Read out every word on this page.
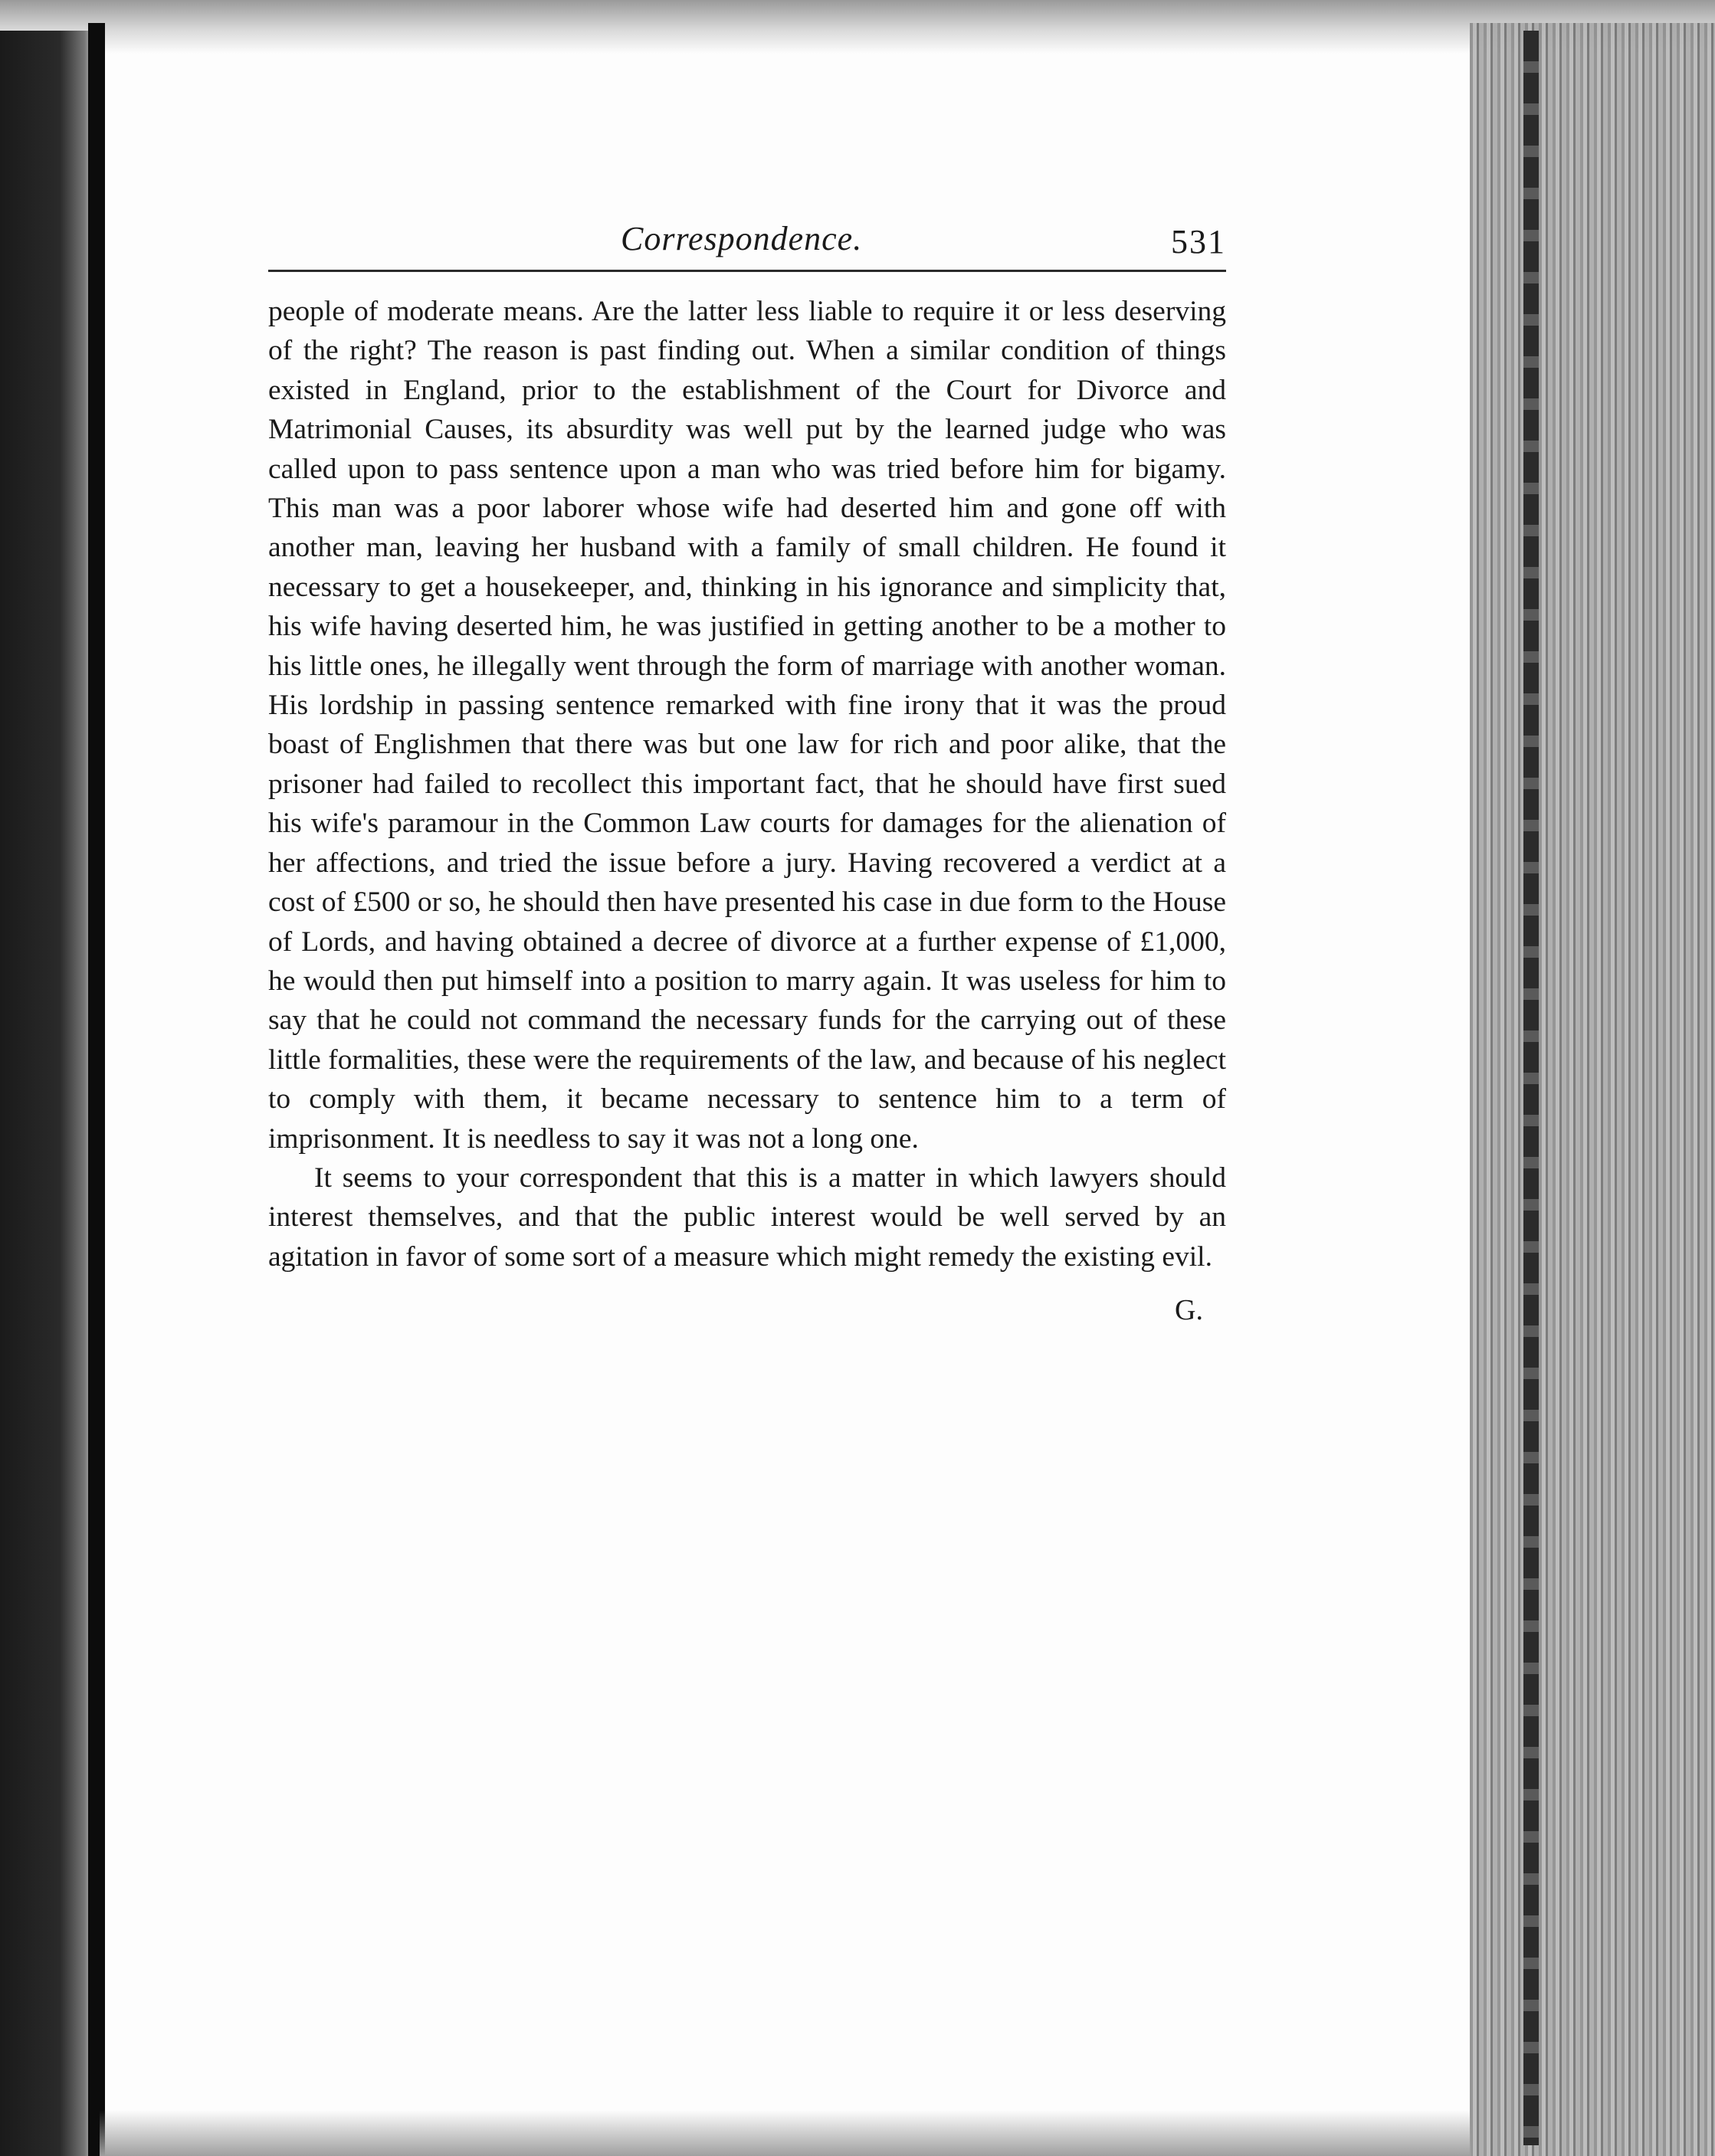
Correspondence.	531

people of moderate means. Are the latter less liable to require it or less deserving of the right? The reason is past finding out. When a similar condition of things existed in England, prior to the establishment of the Court for Divorce and Matrimonial Causes, its absurdity was well put by the learned judge who was called upon to pass sentence upon a man who was tried before him for bigamy. This man was a poor laborer whose wife had deserted him and gone off with another man, leaving her husband with a family of small children. He found it necessary to get a housekeeper, and, thinking in his ignorance and simplicity that, his wife having deserted him, he was justified in getting another to be a mother to his little ones, he illegally went through the form of marriage with another woman. His lordship in passing sentence remarked with fine irony that it was the proud boast of Englishmen that there was but one law for rich and poor alike, that the prisoner had failed to recollect this important fact, that he should have first sued his wife's paramour in the Common Law courts for damages for the alienation of her affections, and tried the issue before a jury. Having recovered a verdict at a cost of £500 or so, he should then have presented his case in due form to the House of Lords, and having obtained a decree of divorce at a further expense of £1,000, he would then put himself into a position to marry again. It was useless for him to say that he could not command the necessary funds for the carrying out of these little formalities, these were the requirements of the law, and because of his neglect to comply with them, it became necessary to sentence him to a term of imprisonment. It is needless to say it was not a long one.

It seems to your correspondent that this is a matter in which lawyers should interest themselves, and that the public interest would be well served by an agitation in favor of some sort of a measure which might remedy the existing evil.

G.
